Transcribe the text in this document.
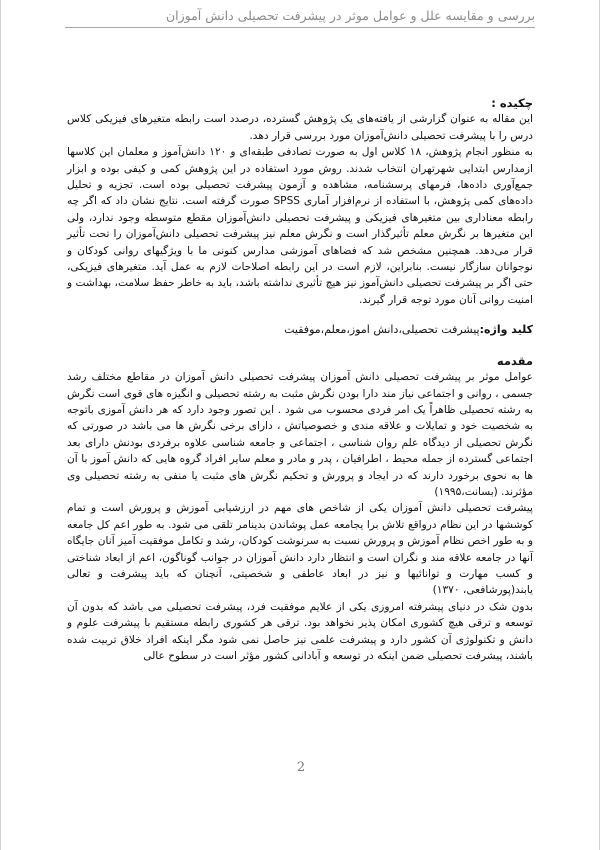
بررسی و مقایسه علل و عوامل موثر در پیشرفت تحصیلی دانش آموزان

چکیده :

این مقاله به عنوان گزارشی از یافته‌های یک پژوهش گسترده، درصدد است رابطه متغیرهای فیزیکی کلاس درس را با پیشرفت تحصیلی دانش‌آموزان مورد بررسی قرار دهد.

به منظور انجام پژوهش، ۱۸ کلاس اول به صورت تصادفی طبقه‌ای و ۱۲۰ دانش‌آموز و معلمان این کلاسها ازمدارس ابتدایی شهرتهران انتخاب شدند. روش مورد استفاده در این پژوهش کمی و کیفی بوده و ابزار جمع‌آوری داده‌ها، فرمهای پرسشنامه، مشاهده و آزمون پیشرفت تحصیلی بوده است. تجزیه و تحلیل داده‌های کمی پژوهش، با استفاده از نرم‌افزار آماری SPSS صورت گرفته است. نتایج نشان داد که اگر چه رابطه معناداری بین متغیرهای فیزیکی و پیشرفت تحصیلی دانش‌آموزان مقطع متوسطه وجود ندارد، ولی این متغیرها بر نگرش معلم تأثیرگذار است و نگرش معلم نیز پیشرفت تحصیلی دانش‌آموزان را تحت تأثیر قرار می‌دهد. همچنین مشخص شد که فضاهای آموزشی مدارس کنونی ما با ویژگیهای روانی کودکان و نوجوانان سازگار نیست. بنابراین، لازم است در این رابطه اصلاحات لازم به عمل آید. متغیرهای فیزیکی، حتی اگر بر پیشرفت تحصیلی دانش‌آموز نیز هیچ تأثیری نداشته باشد، باید به خاطر حفظ سلامت، بهداشت و امنیت روانی آنان مورد توجه قرار گیرند.

کلید واژه:پیشرفت تحصیلی،دانش اموز،معلم،موفقیت

مقدمه

عوامل موثر بر پیشرفت تحصیلی دانش آموزان پیشرفت تحصیلی دانش آموزان در مقاطع مختلف رشد جسمی ، روانی و اجتماعی نیاز مند دارا بودن نگرش مثبت به رشته تحصیلی و انگیزه های قوی است نگرش به رشته تحصیلی ظاهراً یک امر فردی محسوب می شود . این تصور وجود دارد که هر دانش آموزی باتوجه به شخصیت خود و تمایلات و علاقه مندی و خصوصیاتش ، دارای برخی نگرش ها می باشد در صورتی که نگرش تحصیلی از دیدگاه علم روان شناسی ، اجتماعی و جامعه شناسی علاوه برفردی بودنش دارای بعد اجتماعی گسترده از جمله محیط ، اطرافیان ، پدر و مادر و معلم سایر افراد گروه هایی که دانش آموز با آن ها به نحوی برخورد دارند که در ایجاد و پرورش و تحکیم نگرش های مثبت یا منفی به رشته تحصیلی وی مؤثرند. (بسانت،۱۹۹۵)

پیشرفت تحصیلی دانش آموزان یکی از شاخص های مهم در ارزشیابی آموزش و پرورش است و تمام کوششها در این نظام درواقع تلاش برا یجامعه عمل پوشاندن بدینامر تلقی می شود. به طور اعم کل جامعه و به طور اخص نظام آموزش و پرورش نسبت به سرنوشت کودکان، رشد و تکامل موفقیت آمیز آنان جایگاه آنها در جامعه علاقه مند و نگران است و انتظار دارد دانش آموزان در جوانب گوناگون، اعم از ابعاد شناختی و کسب مهارت و توانائیها و نیز در ابعاد عاطفی و شخصیتی، آنچنان که باید پیشرفت و تعالی یابند(پورشافعی، ۱۳۷۰)

بدون شک در دنیای پیشرفته امروزی یکی از علایم موفقیت فرد، پیشرفت تحصیلی می باشد که بدون آن توسعه و ترقی هیچ کشوری امکان پذیر نخواهد بود. ترقی هر کشوری رابطه مستقیم با پیشرفت علوم و دانش و تکنولوژی آن کشور دارد و پیشرفت علمی نیز حاصل نمی شود مگر اینکه افراد خلاق تربیت شده باشند، پیشرفت تحصیلی ضمن اینکه در توسعه و آبادانی کشور مؤثر است در سطوح عالی

2
